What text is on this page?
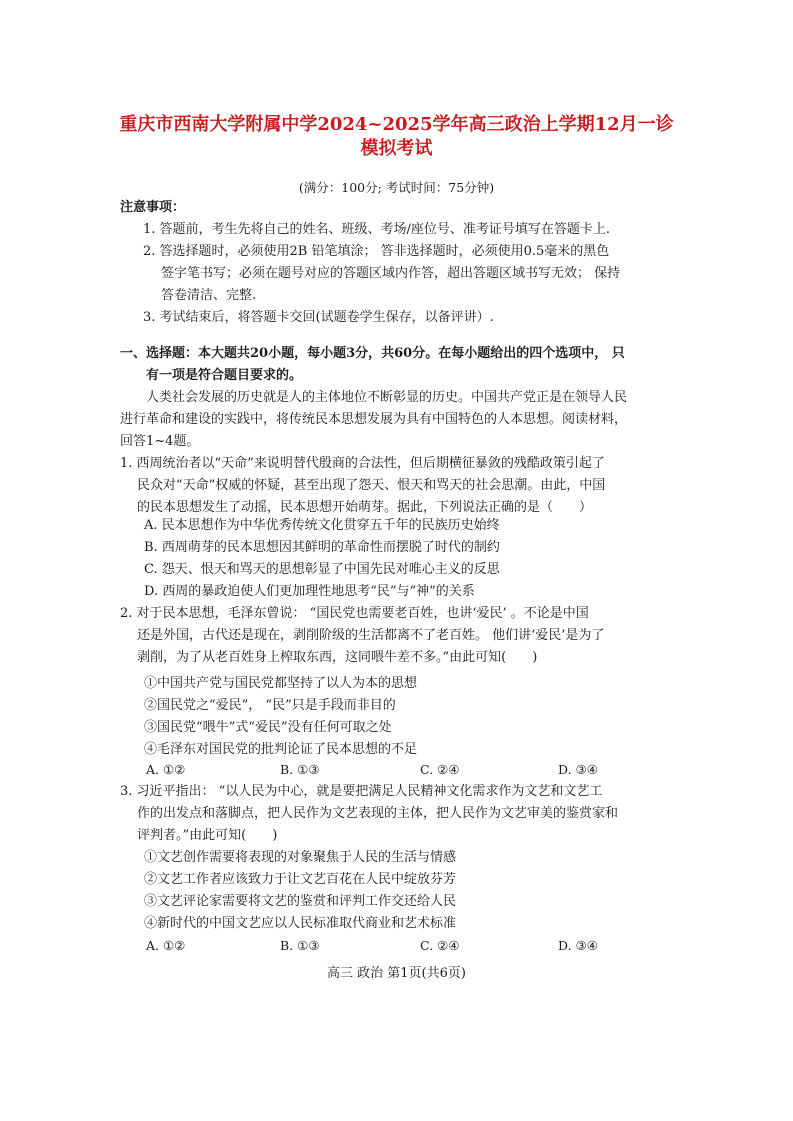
重庆市西南大学附属中学2024~2025学年高三政治上学期12月一诊
模拟考试
(满分：100分; 考试时间：75分钟)
注意事项：
1. 答题前，考生先将自己的姓名、班级、考场/座位号、准考证号填写在答题卡上.
2. 答选择题时，必须使用2B 铅笔填涂； 答非选择题时，必须使用0.5毫米的黑色
签字笔书写；必须在题号对应的答题区域内作答，超出答题区域书写无效； 保持
答卷清洁、完整.
3. 考试结束后，将答题卡交回(试题卷学生保存，以备评讲）.
一、选择题：本大题共20小题，每小题3分，共60分。在每小题给出的四个选项中， 只
有一项是符合题目要求的。
人类社会发展的历史就是人的主体地位不断彰显的历史。中国共产党正是在领导人民
进行革命和建设的实践中，将传统民本思想发展为具有中国特色的人本思想。阅读材料，
回答1~4题。
1. 西周统治者以“天命”来说明替代殷商的合法性，但后期横征暴敛的残酷政策引起了
民众对“天命”权威的怀疑，甚至出现了怨天、恨天和骂天的社会思潮。由此，中国
的民本思想发生了动摇，民本思想开始萌芽。据此，下列说法正确的是（　　）
A. 民本思想作为中华优秀传统文化贯穿五千年的民族历史始终
B. 西周萌芽的民本思想因其鲜明的革命性而摆脱了时代的制约
C. 怨天、恨天和骂天的思想彰显了中国先民对唯心主义的反思
D. 西周的暴政迫使人们更加理性地思考“民”与“神”的关系
2. 对于民本思想，毛泽东曾说： “国民党也需要老百姓，也讲‘爱民’ 。不论是中国
还是外国，古代还是现在，剥削阶级的生活都离不了老百姓。 他们讲‘爱民’是为了
剥削，为了从老百姓身上榨取东西，这同喂牛差不多。”由此可知(　　)
①中国共产党与国民党都坚持了以人为本的思想
②国民党之“爱民”， “民”只是手段而非目的
③国民党“喂牛”式“爱民”没有任何可取之处
④毛泽东对国民党的批判论证了民本思想的不足
A. ①②	B. ①③	C. ②④	D. ③④
3. 习近平指出： “以人民为中心，就是要把满足人民精神文化需求作为文艺和文艺工
作的出发点和落脚点，把人民作为文艺表现的主体，把人民作为文艺审美的鉴赏家和
评判者。”由此可知(　　)
①文艺创作需要将表现的对象聚焦于人民的生活与情感
②文艺工作者应该致力于让文艺百花在人民中绽放芬芳
③文艺评论家需要将文艺的鉴赏和评判工作交还给人民
④新时代的中国文艺应以人民标准取代商业和艺术标准
A. ①②	B. ①③	C. ②④	D. ③④
高三 政治 第1页(共6页)
